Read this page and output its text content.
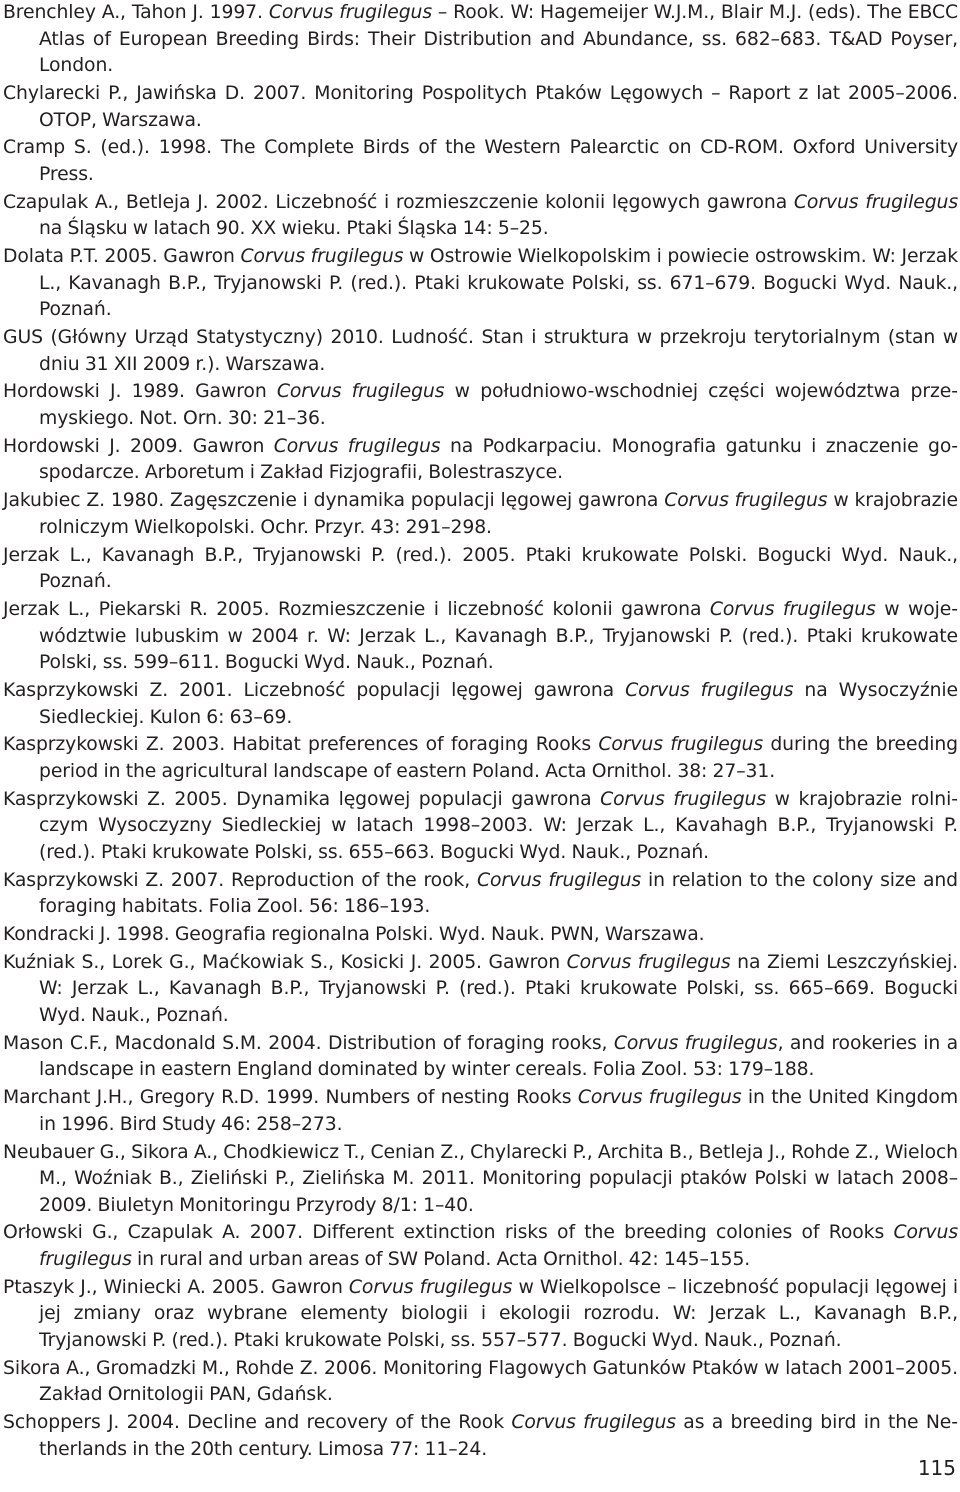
Brenchley A., Tahon J. 1997. Corvus frugilegus – Rook. W: Hagemeijer W.J.M., Blair M.J. (eds). The EBCC Atlas of European Breeding Birds: Their Distribution and Abundance, ss. 682–683. T&AD Poyser, London.
Chylarecki P., Jawińska D. 2007. Monitoring Pospolitych Ptaków Lęgowych – Raport z lat 2005–2006. OTOP, Warszawa.
Cramp S. (ed.). 1998. The Complete Birds of the Western Palearctic on CD-ROM. Oxford University Press.
Czapulak A., Betleja J. 2002. Liczebność i rozmieszczenie kolonii lęgowych gawrona Corvus frugilegus na Śląsku w latach 90. XX wieku. Ptaki Śląska 14: 5–25.
Dolata P.T. 2005. Gawron Corvus frugilegus w Ostrowie Wielkopolskim i powiecie ostrowskim. W: Jerzak L., Kavanagh B.P., Tryjanowski P. (red.). Ptaki krukowate Polski, ss. 671–679. Bogucki Wyd. Nauk., Poznań.
GUS (Główny Urząd Statystyczny) 2010. Ludność. Stan i struktura w przekroju terytorialnym (stan w dniu 31 XII 2009 r.). Warszawa.
Hordowski J. 1989. Gawron Corvus frugilegus w południowo-wschodniej części województwa przemyskiego. Not. Orn. 30: 21–36.
Hordowski J. 2009. Gawron Corvus frugilegus na Podkarpaciu. Monografia gatunku i znaczenie gospodarcze. Arboretum i Zakład Fizjografii, Bolestraszyce.
Jakubiec Z. 1980. Zagęszczenie i dynamika populacji lęgowej gawrona Corvus frugilegus w krajobrazie rolniczym Wielkopolski. Ochr. Przyr. 43: 291–298.
Jerzak L., Kavanagh B.P., Tryjanowski P. (red.). 2005. Ptaki krukowate Polski. Bogucki Wyd. Nauk., Poznań.
Jerzak L., Piekarski R. 2005. Rozmieszczenie i liczebność kolonii gawrona Corvus frugilegus w województwie lubuskim w 2004 r. W: Jerzak L., Kavanagh B.P., Tryjanowski P. (red.). Ptaki krukowate Polski, ss. 599–611. Bogucki Wyd. Nauk., Poznań.
Kasprzykowski Z. 2001. Liczebność populacji lęgowej gawrona Corvus frugilegus na Wysoczyźnie Siedleckiej. Kulon 6: 63–69.
Kasprzykowski Z. 2003. Habitat preferences of foraging Rooks Corvus frugilegus during the breeding period in the agricultural landscape of eastern Poland. Acta Ornithol. 38: 27–31.
Kasprzykowski Z. 2005. Dynamika lęgowej populacji gawrona Corvus frugilegus w krajobrazie rolniczym Wysoczyzny Siedleckiej w latach 1998–2003. W: Jerzak L., Kavahagh B.P., Tryjanowski P. (red.). Ptaki krukowate Polski, ss. 655–663. Bogucki Wyd. Nauk., Poznań.
Kasprzykowski Z. 2007. Reproduction of the rook, Corvus frugilegus in relation to the colony size and foraging habitats. Folia Zool. 56: 186–193.
Kondracki J. 1998. Geografia regionalna Polski. Wyd. Nauk. PWN, Warszawa.
Kuźniak S., Lorek G., Maćkowiak S., Kosicki J. 2005. Gawron Corvus frugilegus na Ziemi Leszczyńskiej. W: Jerzak L., Kavanagh B.P., Tryjanowski P. (red.). Ptaki krukowate Polski, ss. 665–669. Bogucki Wyd. Nauk., Poznań.
Mason C.F., Macdonald S.M. 2004. Distribution of foraging rooks, Corvus frugilegus, and rookeries in a landscape in eastern England dominated by winter cereals. Folia Zool. 53: 179–188.
Marchant J.H., Gregory R.D. 1999. Numbers of nesting Rooks Corvus frugilegus in the United Kingdom in 1996. Bird Study 46: 258–273.
Neubauer G., Sikora A., Chodkiewicz T., Cenian Z., Chylarecki P., Archita B., Betleja J., Rohde Z., Wieloch M., Woźniak B., Zieliński P., Zielińska M. 2011. Monitoring populacji ptaków Polski w latach 2008–2009. Biuletyn Monitoringu Przyrody 8/1: 1–40.
Orłowski G., Czapulak A. 2007. Different extinction risks of the breeding colonies of Rooks Corvus frugilegus in rural and urban areas of SW Poland. Acta Ornithol. 42: 145–155.
Ptaszyk J., Winiecki A. 2005. Gawron Corvus frugilegus w Wielkopolsce – liczebność populacji lęgowej i jej zmiany oraz wybrane elementy biologii i ekologii rozrodu. W: Jerzak L., Kavanagh B.P., Tryjanowski P. (red.). Ptaki krukowate Polski, ss. 557–577. Bogucki Wyd. Nauk., Poznań.
Sikora A., Gromadzki M., Rohde Z. 2006. Monitoring Flagowych Gatunków Ptaków w latach 2001–2005. Zakład Ornitologii PAN, Gdańsk.
Schoppers J. 2004. Decline and recovery of the Rook Corvus frugilegus as a breeding bird in the Netherlands in the 20th century. Limosa 77: 11–24.
115
